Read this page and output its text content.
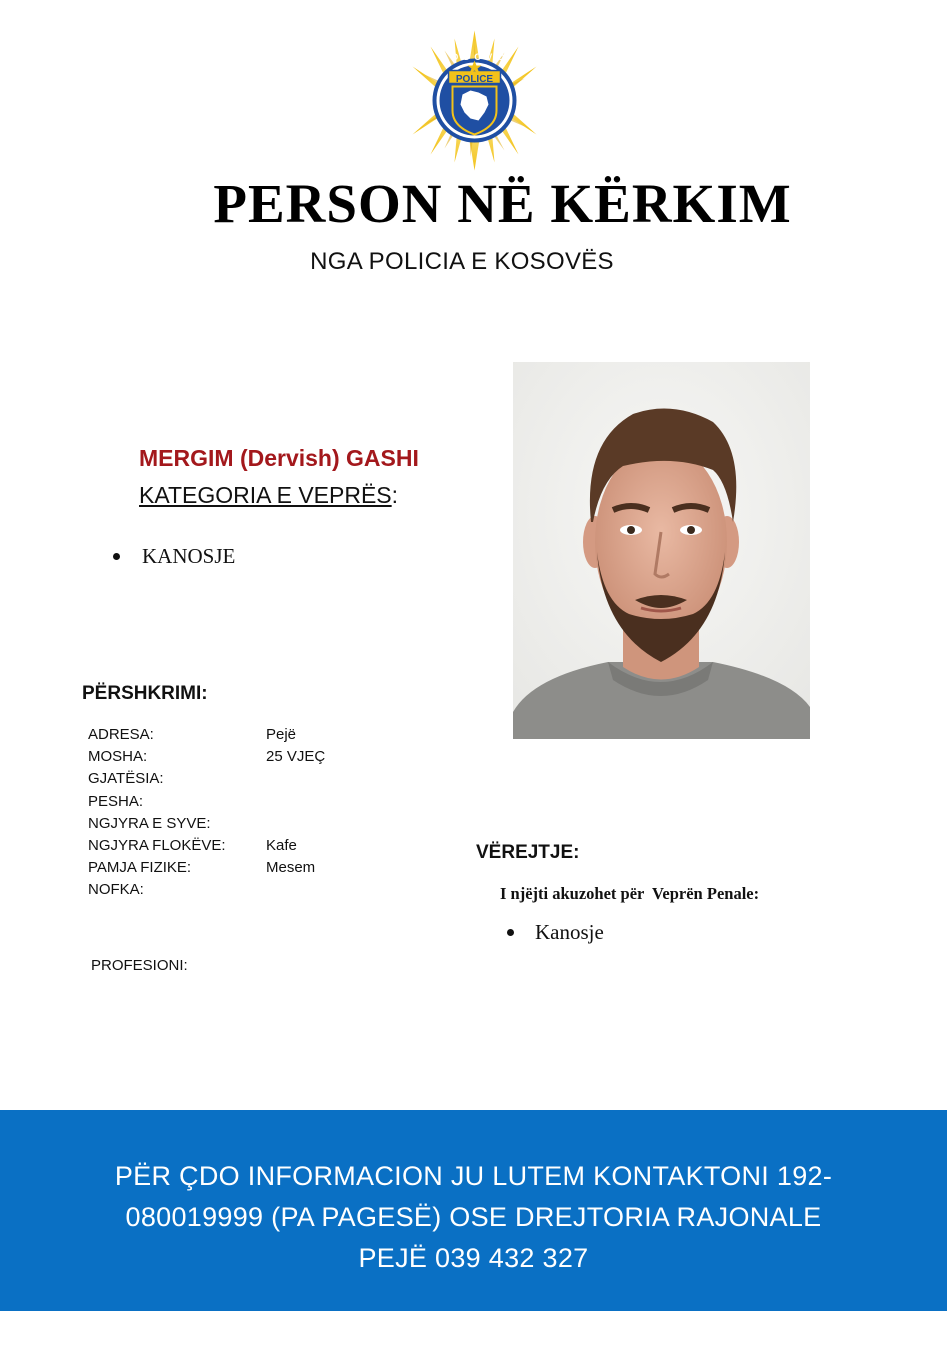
POLICE
KOSOVO
PERSON NË KËRKIM
NGA POLICIA E KOSOVËS
MERGIM (Dervish) GASHI
KATEGORIA E VEPRËS:
KANOSJE
PËRSHKRIMI:
ADRESA:	Pejë
MOSHA:	25 VJEÇ
GJATËSIA:
PESHA:
NGJYRA E SYVE:
NGJYRA FLOKËVE:	Kafe
PAMJA FIZIKE:	Mesem
NOFKA:
PROFESIONI:
VËREJTJE:
I njëjti akuzohet për  Veprën Penale:
Kanosje
PËR ÇDO INFORMACION JU LUTEM KONTAKTONI 192-
080019999 (PA PAGESË) OSE DREJTORIA RAJONALE
PEJË 039 432 327
